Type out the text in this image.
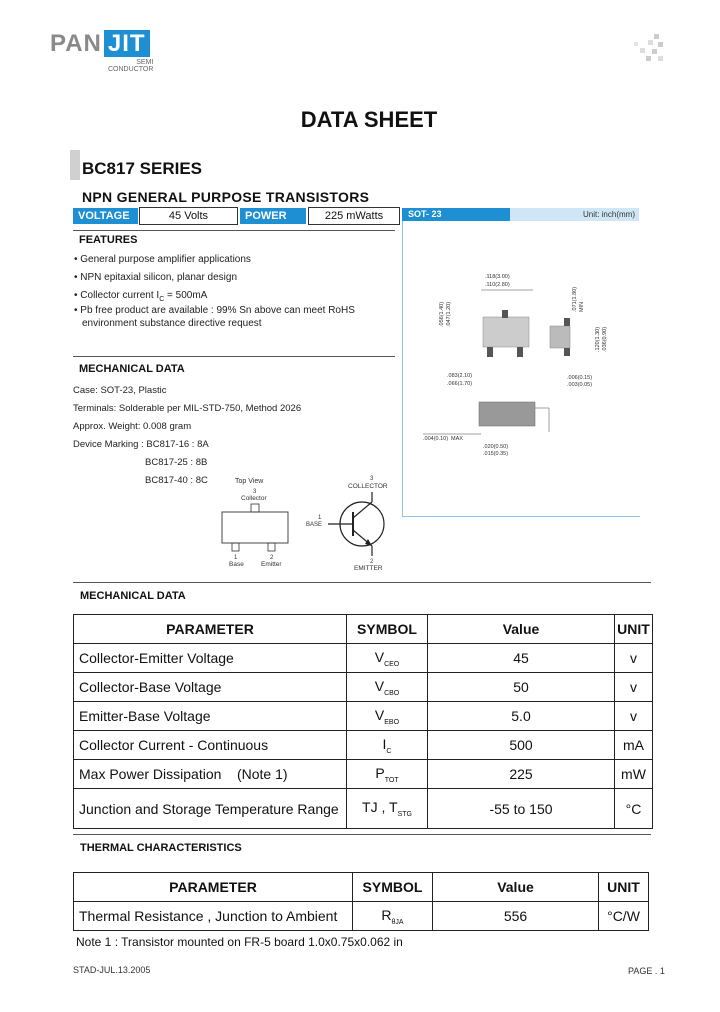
PAN JIT
SEMI
CONDUCTOR
DATA SHEET
BC817 SERIES
NPN GENERAL PURPOSE TRANSISTORS
VOLTAGE	45 Volts	POWER	225 mWatts
FEATURES
• General purpose amplifier applications
• NPN epitaxial silicon, planar design
• Collector current $I_C = 500mA$
• Pb free product are available : 99% Sn above can meet RoHS
environment substance directive request
MECHANICAL DATA
Case: SOT-23, Plastic
Terminals: Solderable per MIL-STD-750, Method 2026
Approx. Weight: 0.008 gram
Device Marking : BC817-16 : 8A
BC817-25 : 8B
BC817-40 : 8C	Top View
3
Collector
1
Base
2
Emitter
3
COLLECTOR
BASE
1
2
EMITTER
SOT- 23	Unit: inch(mm)
.118(3.00)
.110(2.80)
.056(1.40) .047(1.20)
.083(2.10)
.066(1.70)
.071(1.80) MIN
.120(1.30) .036(0.90)
.006(0.15)
.003(0.05)
.004(0.10) MAX
.020(0.50)
.015(0.35)
MECHANICAL DATA
PARAMETER	SYMBOL	Value	UNIT
Collector-Emitter Voltage	$V_{CEO}$	45	v
Collector-Base Voltage	$V_{CBO}$	50	v
Emitter-Base Voltage	$V_{EBO}$	5.0	v
Collector Current - Continuous	$I_C$	500	mA
Max Power Dissipation    (Note 1)	$P_{TOT}$	225	mW
Junction and Storage Temperature Range	TJ , $T_{STG}$	-55 to 150	°C
THERMAL CHARACTERISTICS
PARAMETER	SYMBOL	Value	UNIT
Thermal Resistance , Junction to Ambient	$R_{\theta JA}$	556	°C/W
Note 1 : Transistor mounted on FR-5 board 1.0x0.75x0.062 in
STAD-JUL.13.2005	PAGE . 1
